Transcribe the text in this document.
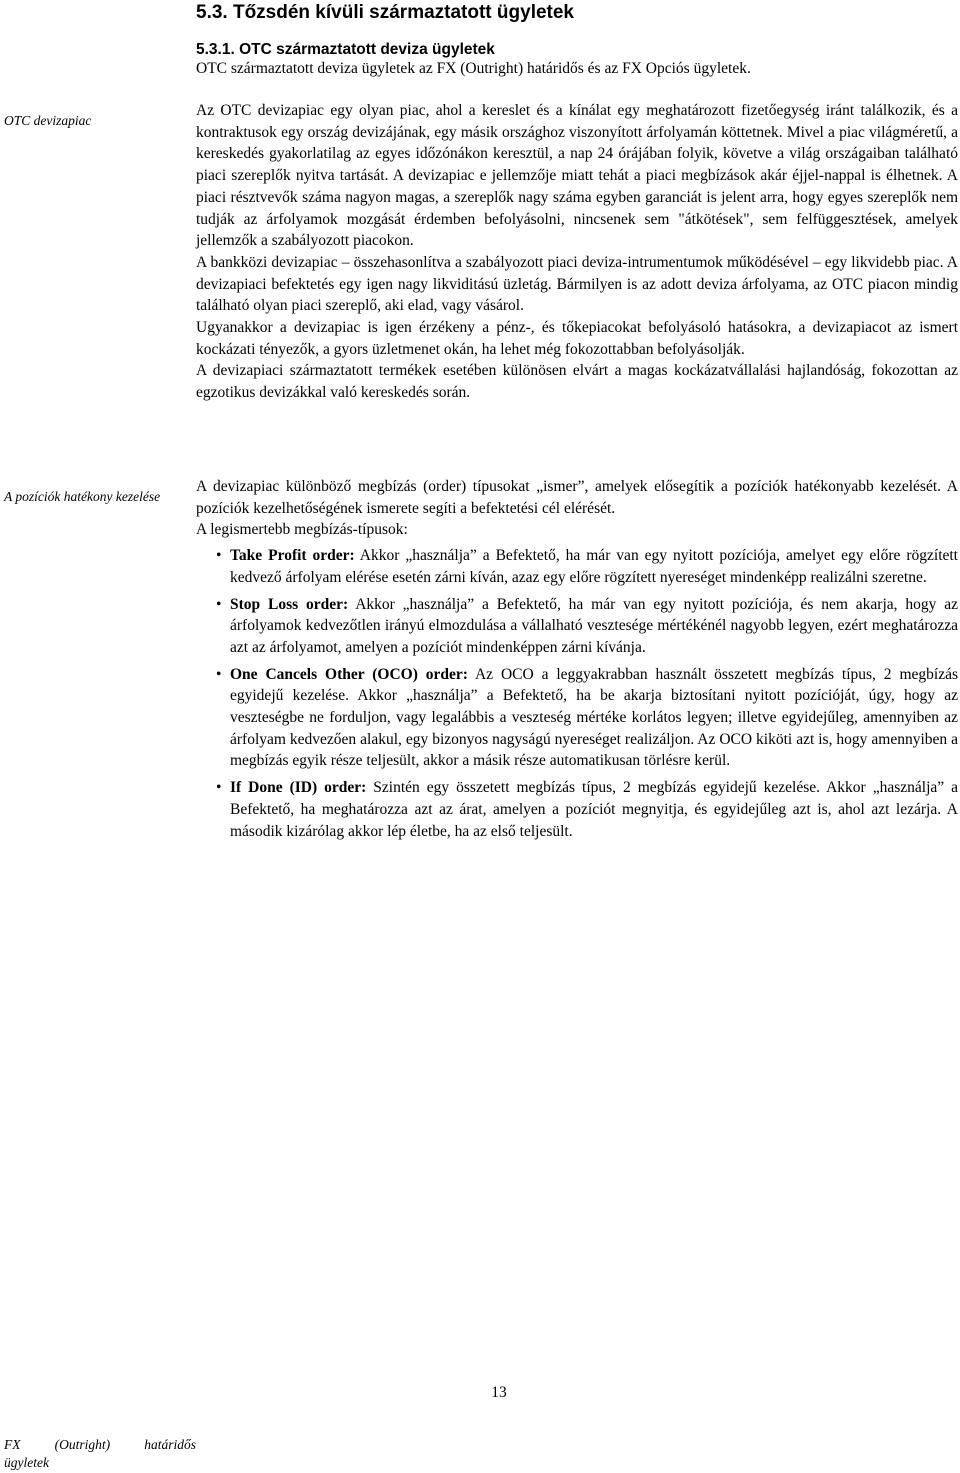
5.3. Tőzsdén kívüli származtatott ügyletek
5.3.1. OTC származtatott deviza ügyletek

OTC származtatott deviza ügyletek az FX (Outright) határidős és az FX Opciós ügyletek.

OTC devizapiac
A pozíciók hatékony kezelése

Az OTC devizapiac egy olyan piac, ahol a kereslet és a kínálat egy meghatározott fizetőegység iránt találkozik, és a kontraktusok egy ország devizájának, egy másik országhoz viszonyított árfolyamán köttetnek. Mivel a piac világméretű, a kereskedés gyakorlatilag az egyes időzónákon keresztül, a nap 24 órájában folyik, követve a világ országaiban található piaci szereplők nyitva tartását. A devizapiac e jellemzője miatt tehát a piaci megbízások akár éjjel-nappal is élhetnek. A piaci résztvevők száma nagyon magas, a szereplők nagy száma egyben garanciát is jelent arra, hogy egyes szereplők nem tudják az árfolyamok mozgását érdemben befolyásolni, nincsenek sem "átkötések", sem felfüggesztések, amelyek jellemzők a szabályozott piacokon.

A bankközi devizapiac – összehasonlítva a szabályozott piaci deviza-intrumentumok működésével – egy likvidebb piac. A devizapiaci befektetés egy igen nagy likviditású üzletág. Bármilyen is az adott deviza árfolyama, az OTC piacon mindig található olyan piaci szereplő, aki elad, vagy vásárol.

Ugyanakkor a devizapiac is igen érzékeny a pénz-, és tőkepiacokat befolyásoló hatásokra, a devizapiacot az ismert kockázati tényezők, a gyors üzletmenet okán, ha lehet még fokozottabban befolyásolják.

A devizapiaci származtatott termékek esetében különösen elvárt a magas kockázatvállalási hajlandóság, fokozottan az egzotikus devizákkal való kereskedés során.

A devizapiac különböző megbízás (order) típusokat „ismer”, amelyek elősegítik a pozíciók hatékonyabb kezelését. A pozíciók kezelhetőségének ismerete segíti a befektetési cél elérését.

A legismertebb megbízás-típusok:

• Take Profit order: Akkor „használja” a Befektető, ha már van egy nyitott pozíciója, amelyet egy előre rögzített kedvező árfolyam elérése esetén zárni kíván, azaz egy előre rögzített nyereséget mindenképp realizálni szeretne.
• Stop Loss order: Akkor „használja” a Befektető, ha már van egy nyitott pozíciója, és nem akarja, hogy az árfolyamok kedvezőtlen irányú elmozdulása a vállalható vesztesége mértékénél nagyobb legyen, ezért meghatározza azt az árfolyamot, amelyen a pozíciót mindenképpen zárni kívánja.
• One Cancels Other (OCO) order: Az OCO a leggyakrabban használt összetett megbízás típus, 2 megbízás egyidejű kezelése. Akkor „használja” a Befektető, ha be akarja biztosítani nyitott pozícióját, úgy, hogy az veszteségbe ne forduljon, vagy legalábbis a veszteség mértéke korlátos legyen; illetve egyidejűleg, amennyiben az árfolyam kedvezően alakul, egy bizonyos nagyságú nyereséget realizáljon. Az OCO kiköti azt is, hogy amennyiben a megbízás egyik része teljesült, akkor a másik része automatikusan törlésre kerül.
• If Done (ID) order: Szintén egy összetett megbízás típus, 2 megbízás egyidejű kezelése. Akkor „használja” a Befektető, ha meghatározza azt az árat, amelyen a pozíciót megnyitja, és egyidejűleg azt is, ahol azt lezárja. A második kizárólag akkor lép életbe, ha az első teljesült.
13
FX (Outright) határidős
ügyletek
